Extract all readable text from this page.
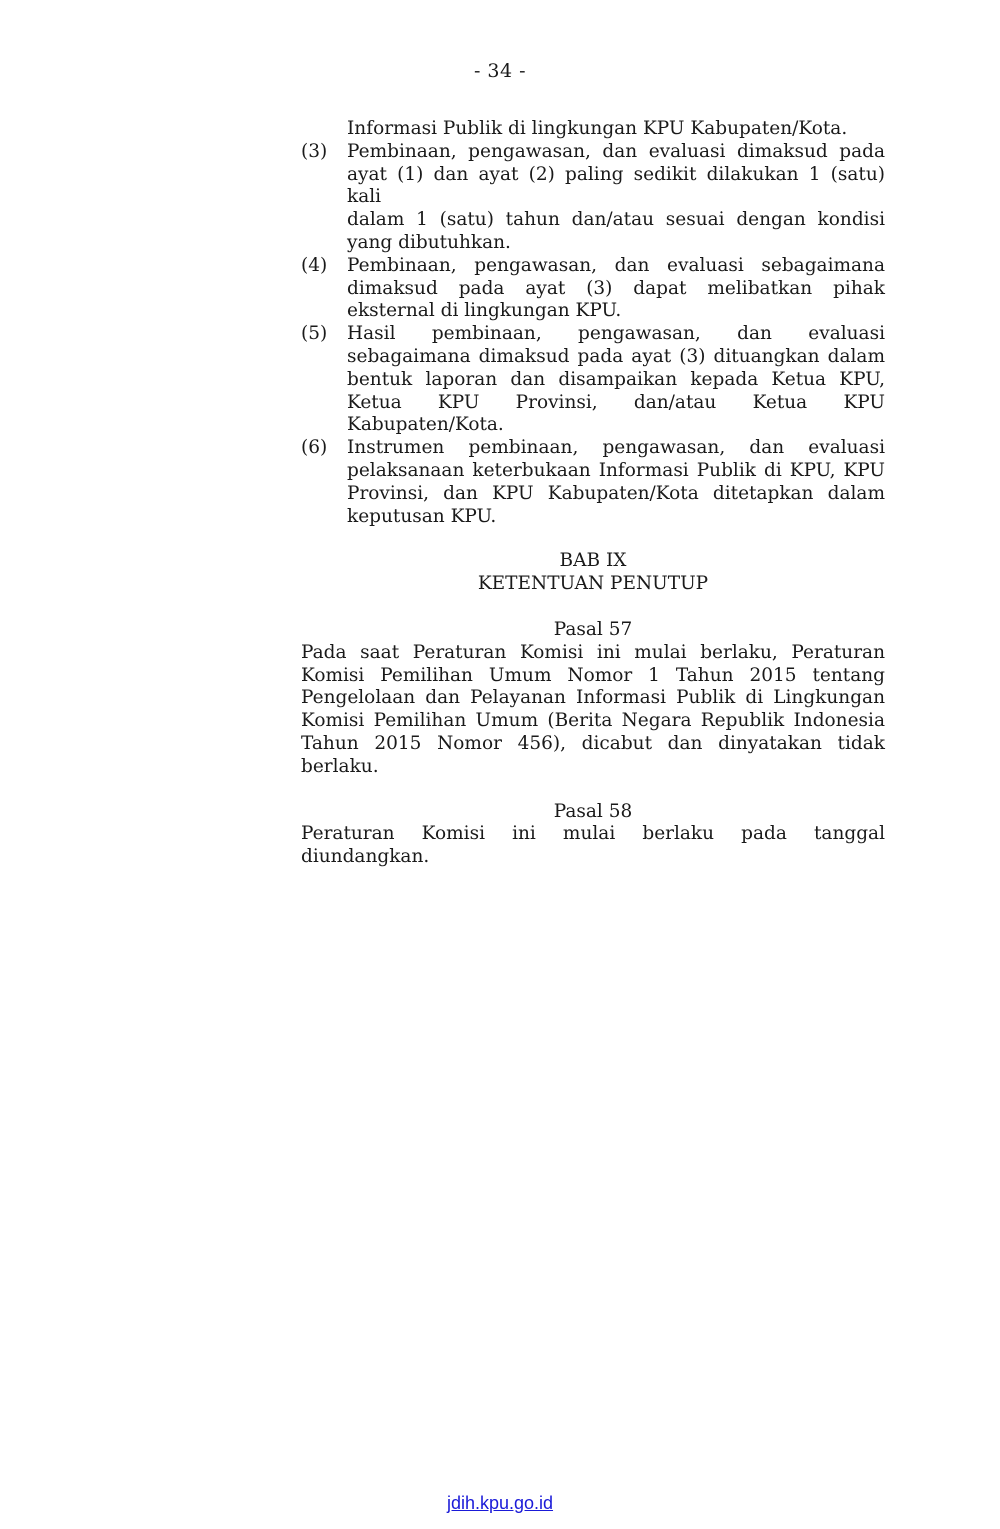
- 34 -
Informasi Publik di lingkungan KPU Kabupaten/Kota.
(3) Pembinaan, pengawasan, dan evaluasi dimaksud pada
ayat (1) dan ayat (2) paling sedikit dilakukan 1 (satu) kali
dalam 1 (satu) tahun dan/atau sesuai dengan kondisi
yang dibutuhkan.
(4) Pembinaan, pengawasan, dan evaluasi sebagaimana
dimaksud pada ayat (3) dapat melibatkan pihak
eksternal di lingkungan KPU.
(5) Hasil pembinaan, pengawasan, dan evaluasi
sebagaimana dimaksud pada ayat (3) dituangkan dalam
bentuk laporan dan disampaikan kepada Ketua KPU,
Ketua KPU Provinsi, dan/atau Ketua KPU
Kabupaten/Kota.
(6) Instrumen pembinaan, pengawasan, dan evaluasi
pelaksanaan keterbukaan Informasi Publik di KPU, KPU
Provinsi, dan KPU Kabupaten/Kota ditetapkan dalam
keputusan KPU.
BAB IX
KETENTUAN PENUTUP
Pasal 57
Pada saat Peraturan Komisi ini mulai berlaku, Peraturan
Komisi Pemilihan Umum Nomor 1 Tahun 2015 tentang
Pengelolaan dan Pelayanan Informasi Publik di Lingkungan
Komisi Pemilihan Umum (Berita Negara Republik Indonesia
Tahun 2015 Nomor 456), dicabut dan dinyatakan tidak
berlaku.
Pasal 58
Peraturan Komisi ini mulai berlaku pada tanggal
diundangkan.
jdih.kpu.go.id
